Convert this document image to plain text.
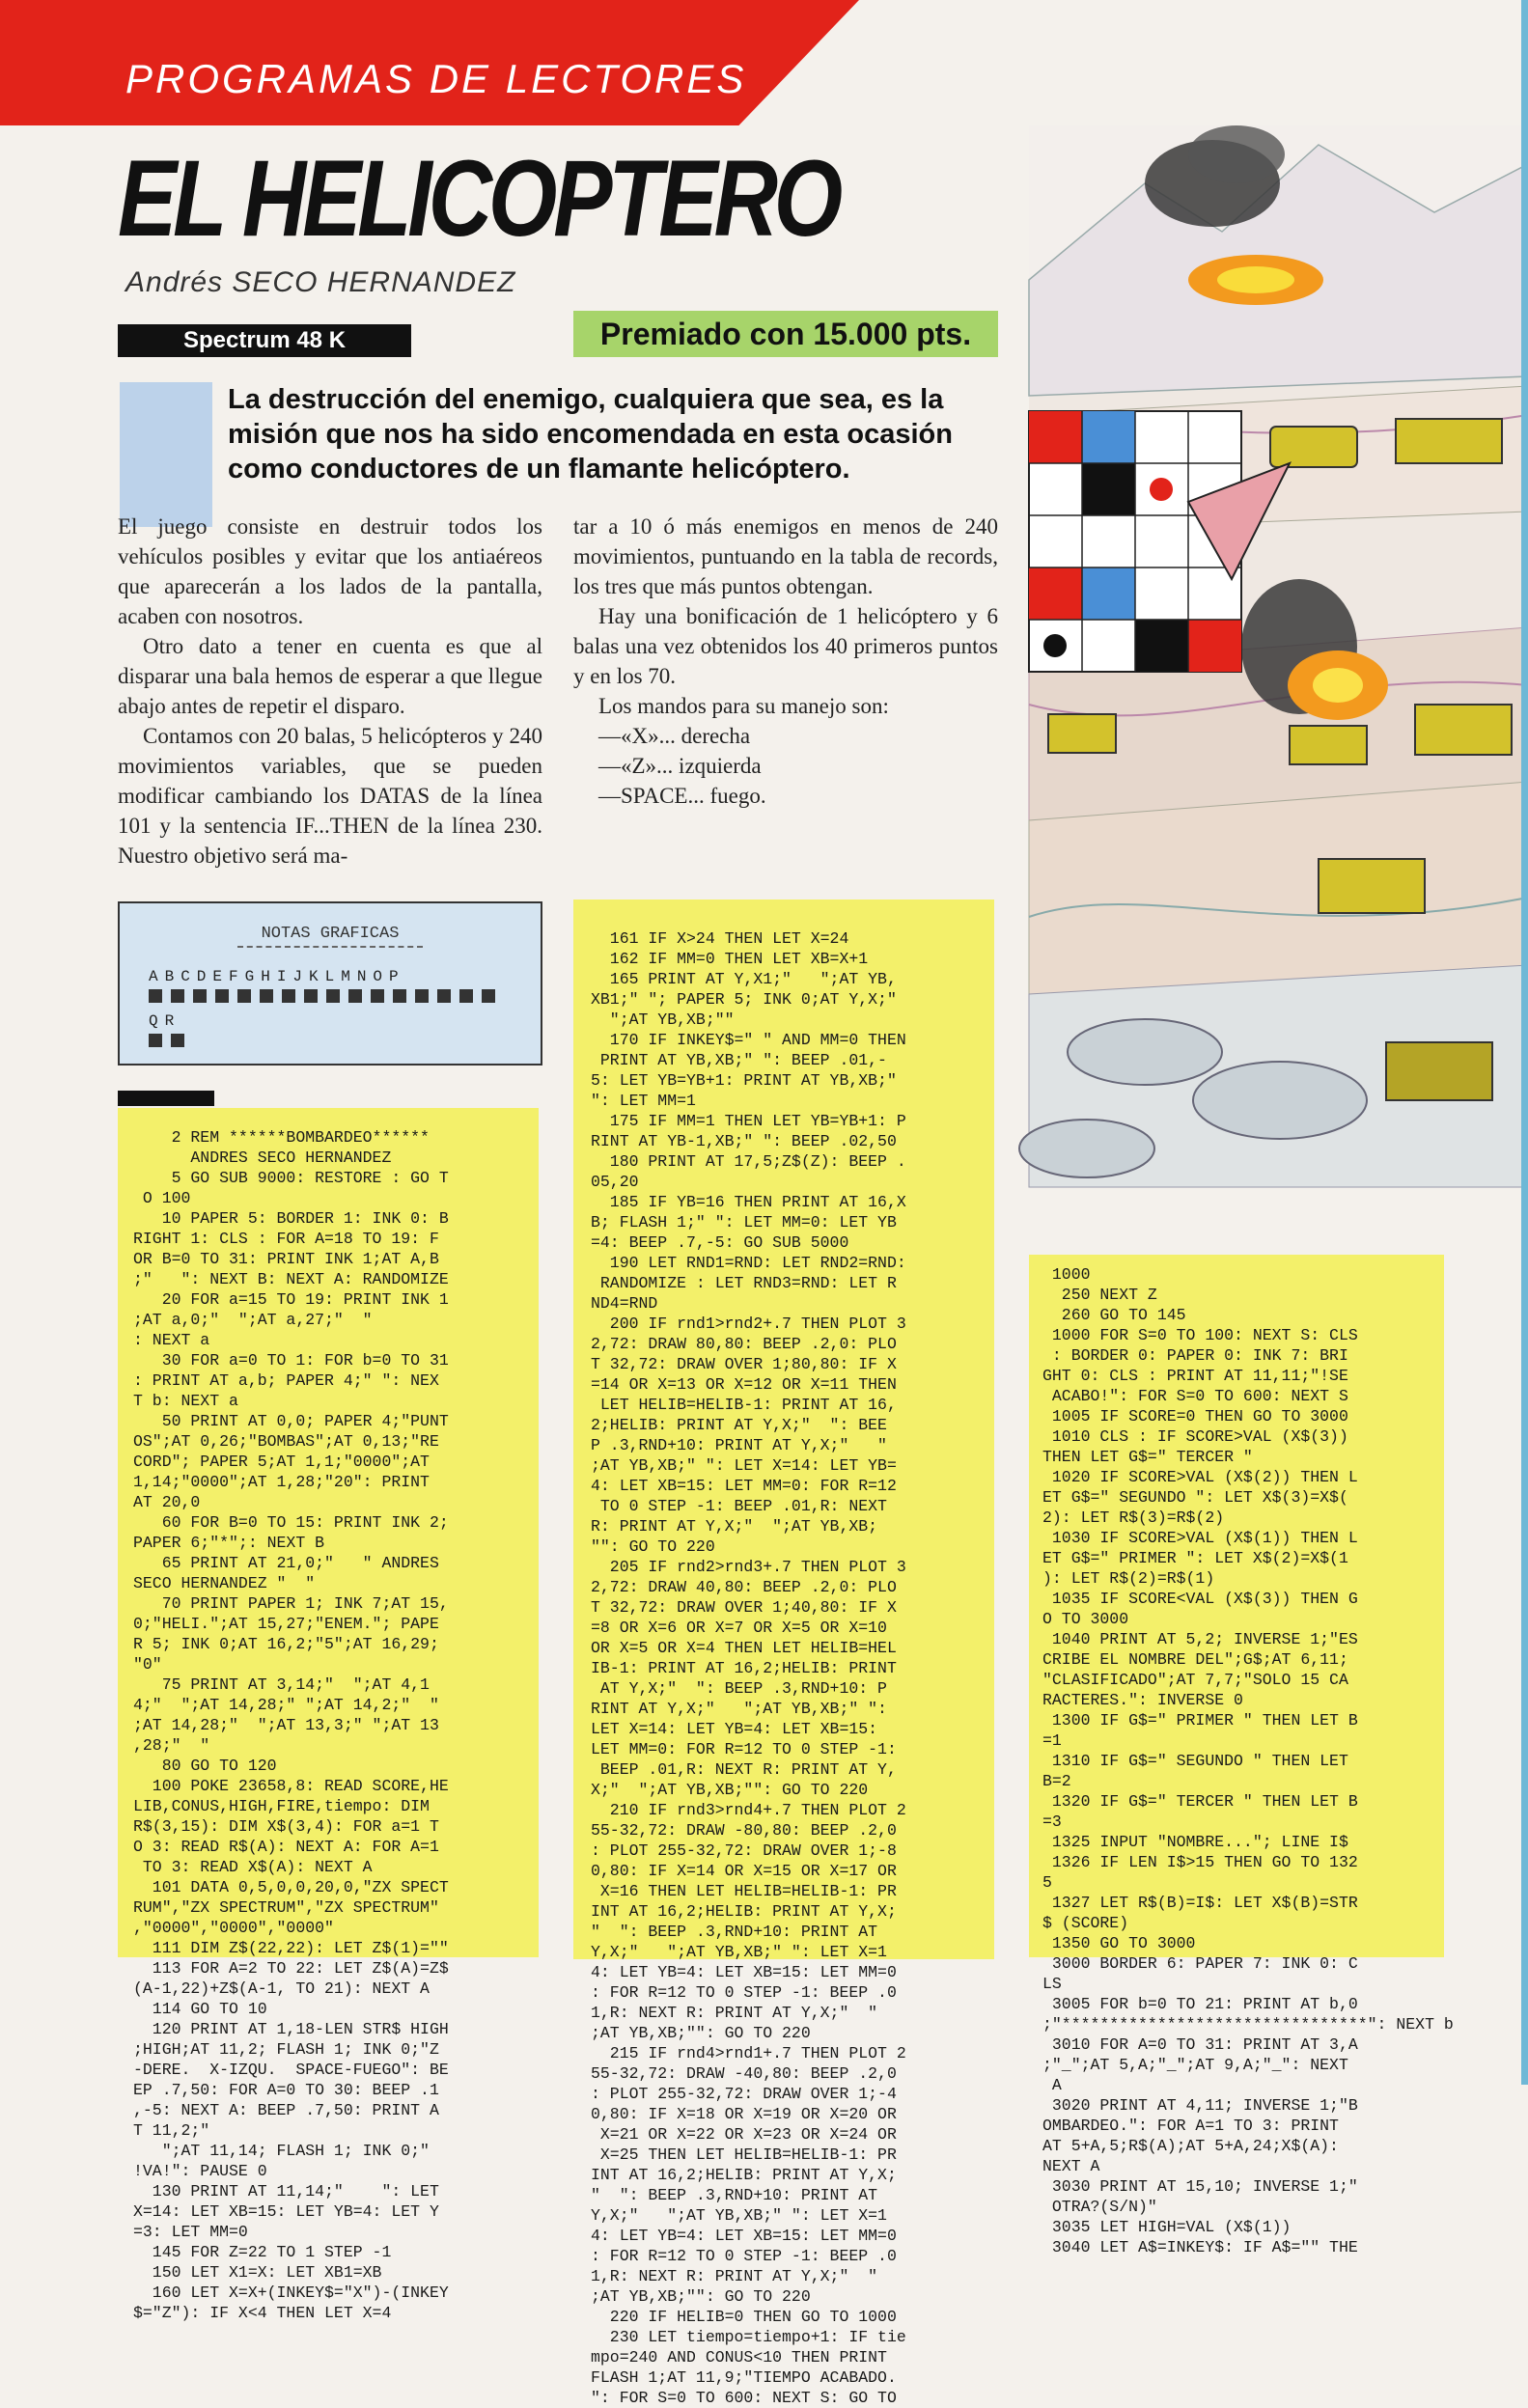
PROGRAMAS DE LECTORES
EL HELICOPTERO
Andrés SECO HERNANDEZ
Spectrum 48 K	Premiado con 15.000 pts.
La destrucción del enemigo, cualquiera que sea, es la misión que nos ha sido encomendada en esta ocasión como conductores de un flamante helicóptero.

El juego consiste en destruir todos los vehículos posibles y evitar que los antiaéreos que aparecerán a los lados de la pantalla, acaben con nosotros.

Otro dato a tener en cuenta es que al disparar una bala hemos de esperar a que llegue abajo antes de repetir el disparo.

Contamos con 20 balas, 5 helicópteros y 240 movimientos variables, que se pueden modificar cambiando los DATAS de la línea 101 y la sentencia IF...THEN de la línea 230. Nuestro objetivo será ma-

tar a 10 ó más enemigos en menos de 240 movimientos, puntuando en la tabla de records, los tres que más puntos obtengan.

Hay una bonificación de 1 helicóptero y 6 balas una vez obtenidos los 40 primeros puntos y en los 70.

Los mandos para su manejo son:

—«X»... derecha

—«Z»... izquierda

—SPACE... fuego.

NOTAS GRAFICAS
ABCDEFGHIJKLMNOP
QR
2 REM ******BOMBARDEO******
ANDRES SECO HERNANDEZ
5 GO SUB 9000: RESTORE : GO T
O 100
10 PAPER 5: BORDER 1: INK 0: B
RIGHT 1: CLS : FOR A=18 TO 19: F
OR B=0 TO 31: PRINT INK 1;AT A,B
;"   ": NEXT B: NEXT A: RANDOMIZE
20 FOR a=15 TO 19: PRINT INK 1
;AT a,0;"  ";AT a,27;"  "
: NEXT a
30 FOR a=0 TO 1: FOR b=0 TO 31
: PRINT AT a,b; PAPER 4;" ": NEX
T b: NEXT a
50 PRINT AT 0,0; PAPER 4;"PUNT
OS";AT 0,26;"BOMBAS";AT 0,13;"RE
CORD"; PAPER 5;AT 1,1;"0000";AT
1,14;"0000";AT 1,28;"20": PRINT
AT 20,0
60 FOR B=0 TO 15: PRINT INK 2;
PAPER 6;"*";: NEXT B
65 PRINT AT 21,0;"   " ANDRES
SECO HERNANDEZ "  "
70 PRINT PAPER 1; INK 7;AT 15,
0;"HELI.";AT 15,27;"ENEM."; PAPE
R 5; INK 0;AT 16,2;"5";AT 16,29;
"0"
75 PRINT AT 3,14;"  ";AT 4,1
4;"  ";AT 14,28;" ";AT 14,2;"  "
;AT 14,28;"  ";AT 13,3;" ";AT 13
,28;"  "
80 GO TO 120
100 POKE 23658,8: READ SCORE,HE
LIB,CONUS,HIGH,FIRE,tiempo: DIM
R$(3,15): DIM X$(3,4): FOR a=1 T
O 3: READ R$(A): NEXT A: FOR A=1
TO 3: READ X$(A): NEXT A
101 DATA 0,5,0,0,20,0,"ZX SPECT
RUM","ZX SPECTRUM","ZX SPECTRUM"
,"0000","0000","0000"
111 DIM Z$(22,22): LET Z$(1)=""
113 FOR A=2 TO 22: LET Z$(A)=Z$
(A-1,22)+Z$(A-1, TO 21): NEXT A
114 GO TO 10
120 PRINT AT 1,18-LEN STR$ HIGH
;HIGH;AT 11,2; FLASH 1; INK 0;"Z
-DERE.  X-IZQU.  SPACE-FUEGO": BE
EP .7,50: FOR A=0 TO 30: BEEP .1
,-5: NEXT A: BEEP .7,50: PRINT A
T 11,2;"
";AT 11,14; FLASH 1; INK 0;"
!VA!": PAUSE 0
130 PRINT AT 11,14;"    ": LET
X=14: LET XB=15: LET YB=4: LET Y
=3: LET MM=0
145 FOR Z=22 TO 1 STEP -1
150 LET X1=X: LET XB1=XB
160 LET X=X+(INKEY$="X")-(INKEY
$="Z"): IF X<4 THEN LET X=4
161 IF X>24 THEN LET X=24
162 IF MM=0 THEN LET XB=X+1
165 PRINT AT Y,X1;"   ";AT YB,
XB1;" "; PAPER 5; INK 0;AT Y,X;"
";AT YB,XB;""
170 IF INKEY$=" " AND MM=0 THEN
PRINT AT YB,XB;" ": BEEP .01,-
5: LET YB=YB+1: PRINT AT YB,XB;"
": LET MM=1
175 IF MM=1 THEN LET YB=YB+1: P
RINT AT YB-1,XB;" ": BEEP .02,50
180 PRINT AT 17,5;Z$(Z): BEEP .
05,20
185 IF YB=16 THEN PRINT AT 16,X
B; FLASH 1;" ": LET MM=0: LET YB
=4: BEEP .7,-5: GO SUB 5000
190 LET RND1=RND: LET RND2=RND:
RANDOMIZE : LET RND3=RND: LET R
ND4=RND
200 IF rnd1>rnd2+.7 THEN PLOT 3
2,72: DRAW 80,80: BEEP .2,0: PLO
T 32,72: DRAW OVER 1;80,80: IF X
=14 OR X=13 OR X=12 OR X=11 THEN
LET HELIB=HELIB-1: PRINT AT 16,
2;HELIB: PRINT AT Y,X;"  ": BEE
P .3,RND+10: PRINT AT Y,X;"   "
;AT YB,XB;" ": LET X=14: LET YB=
4: LET XB=15: LET MM=0: FOR R=12
TO 0 STEP -1: BEEP .01,R: NEXT
R: PRINT AT Y,X;"  ";AT YB,XB;
"": GO TO 220
205 IF rnd2>rnd3+.7 THEN PLOT 3
2,72: DRAW 40,80: BEEP .2,0: PLO
T 32,72: DRAW OVER 1;40,80: IF X
=8 OR X=6 OR X=7 OR X=5 OR X=10
OR X=5 OR X=4 THEN LET HELIB=HEL
IB-1: PRINT AT 16,2;HELIB: PRINT
AT Y,X;"  ": BEEP .3,RND+10: P
RINT AT Y,X;"   ";AT YB,XB;" ":
LET X=14: LET YB=4: LET XB=15:
LET MM=0: FOR R=12 TO 0 STEP -1:
BEEP .01,R: NEXT R: PRINT AT Y,
X;"  ";AT YB,XB;"": GO TO 220
210 IF rnd3>rnd4+.7 THEN PLOT 2
55-32,72: DRAW -80,80: BEEP .2,0
: PLOT 255-32,72: DRAW OVER 1;-8
0,80: IF X=14 OR X=15 OR X=17 OR
X=16 THEN LET HELIB=HELIB-1: PR
INT AT 16,2;HELIB: PRINT AT Y,X;
"  ": BEEP .3,RND+10: PRINT AT
Y,X;"   ";AT YB,XB;" ": LET X=1
4: LET YB=4: LET XB=15: LET MM=0
: FOR R=12 TO 0 STEP -1: BEEP .0
1,R: NEXT R: PRINT AT Y,X;"  "
;AT YB,XB;"": GO TO 220
215 IF rnd4>rnd1+.7 THEN PLOT 2
55-32,72: DRAW -40,80: BEEP .2,0
: PLOT 255-32,72: DRAW OVER 1;-4
0,80: IF X=18 OR X=19 OR X=20 OR
X=21 OR X=22 OR X=23 OR X=24 OR
X=25 THEN LET HELIB=HELIB-1: PR
INT AT 16,2;HELIB: PRINT AT Y,X;
"  ": BEEP .3,RND+10: PRINT AT
Y,X;"   ";AT YB,XB;" ": LET X=1
4: LET YB=4: LET XB=15: LET MM=0
: FOR R=12 TO 0 STEP -1: BEEP .0
1,R: NEXT R: PRINT AT Y,X;"  "
;AT YB,XB;"": GO TO 220
220 IF HELIB=0 THEN GO TO 1000
230 LET tiempo=tiempo+1: IF tie
mpo=240 AND CONUS<10 THEN PRINT
FLASH 1;AT 11,9;"TIEMPO ACABADO.
": FOR S=0 TO 600: NEXT S: GO TO
1000
250 NEXT Z
260 GO TO 145
1000 FOR S=0 TO 100: NEXT S: CLS
: BORDER 0: PAPER 0: INK 7: BRI
GHT 0: CLS : PRINT AT 11,11;"!SE
ACABO!": FOR S=0 TO 600: NEXT S
1005 IF SCORE=0 THEN GO TO 3000
1010 CLS : IF SCORE>VAL (X$(3))
THEN LET G$=" TERCER "
1020 IF SCORE>VAL (X$(2)) THEN L
ET G$=" SEGUNDO ": LET X$(3)=X$(
2): LET R$(3)=R$(2)
1030 IF SCORE>VAL (X$(1)) THEN L
ET G$=" PRIMER ": LET X$(2)=X$(1
): LET R$(2)=R$(1)
1035 IF SCORE<VAL (X$(3)) THEN G
O TO 3000
1040 PRINT AT 5,2; INVERSE 1;"ES
CRIBE EL NOMBRE DEL";G$;AT 6,11;
"CLASIFICADO";AT 7,7;"SOLO 15 CA
RACTERES.": INVERSE 0
1300 IF G$=" PRIMER " THEN LET B
=1
1310 IF G$=" SEGUNDO " THEN LET
B=2
1320 IF G$=" TERCER " THEN LET B
=3
1325 INPUT "NOMBRE..."; LINE I$
1326 IF LEN I$>15 THEN GO TO 132
5
1327 LET R$(B)=I$: LET X$(B)=STR
$ (SCORE)
1350 GO TO 3000
3000 BORDER 6: PAPER 7: INK 0: C
LS
3005 FOR b=0 TO 21: PRINT AT b,0
;"********************************": NEXT b
3010 FOR A=0 TO 31: PRINT AT 3,A
;"_";AT 5,A;"_";AT 9,A;"_": NEXT
A
3020 PRINT AT 4,11; INVERSE 1;"B
OMBARDEO.": FOR A=1 TO 3: PRINT
AT 5+A,5;R$(A);AT 5+A,24;X$(A):
NEXT A
3030 PRINT AT 15,10; INVERSE 1;"
OTRA?(S/N)"
3035 LET HIGH=VAL (X$(1))
3040 LET A$=INKEY$: IF A$="" THE
